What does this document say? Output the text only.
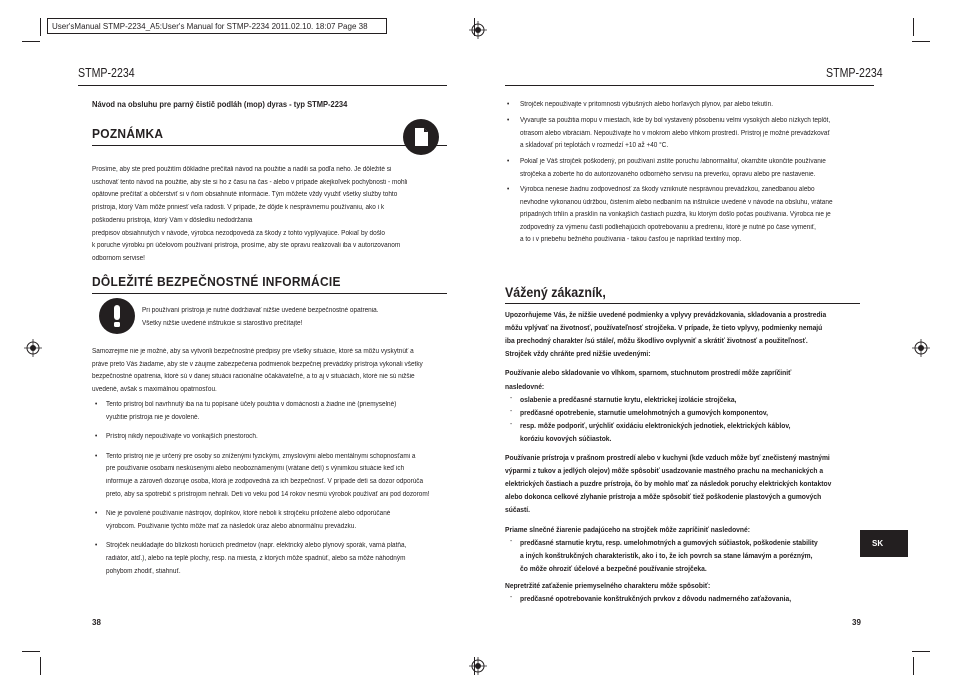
User'sManual STMP-2234_A5:User's Manual for STMP-2234 2011.02.10. 18:07 Page 38
STMP-2234
Návod na obsluhu pre parný čistič podláh (mop) dyras - typ STMP-2234
POZNÁMKA
Prosíme, aby ste pred použitím dôkladne prečítali návod na použitie a riadili sa podľa neho. Je dôležité si
uschovať tento návod na použitie, aby ste si ho z času na čas - alebo v prípade akejkoľvek pochybnosti - mohli
opätovne prečítať a občerstviť si v ňom obsiahnuté informácie. Tým môžete vždy využiť všetky služby tohto
prístroja, ktorý Vám môže priniesť veľa radosti. V prípade, že dôjde k nesprávnemu používaniu, ako i k
poškodeniu prístroja, ktorý Vám v dôsledku nedodržania
predpisov obsiahnutých v návode, výrobca nezodpovedá za škody z tohto vyplývajúce. Pokiaľ by došlo
k poruche výrobku pri účelovom používaní prístroja, prosíme, aby ste opravu realizovali iba v autorizovanom
odbornom servise!
DÔLEŽITÉ BEZPEČNOSTNÉ INFORMÁCIE
Pri používaní prístroja je nutné dodržiavať nižšie uvedené bezpečnostné opatrenia.
Všetky nižšie uvedené inštrukcie si starostlivo prečítajte!
Samozrejme nie je možné, aby sa vytvorili bezpečnostné predpisy pre všetky situácie, ktoré sa môžu vyskytnúť a
práve preto Vás žiadame, aby ste v záujme zabezpečenia podmienok bezpečnej prevádzky prístroja vykonali všetky
bezpečnostné opatrenia, ktoré sú v danej situácii racionálne očakávateľné, a to aj v situáciách, ktoré nie sú nižšie
uvedené, avšak s maximálnou opatrnosťou.
• Tento prístroj bol navrhnutý iba na tu popísané účely použitia v domácnosti a žiadne iné (priemyselné)
využitie prístroja nie je dovolené.
• Prístroj nikdy nepoužívajte vo vonkajších priestoroch.
• Tento prístroj nie je určený pre osoby so zníženými fyzickými, zmyslovými alebo mentálnymi schopnosťami a
pre používanie osobami neskúsenými alebo neoboznámenými (vrátane detí) s výnimkou situácie keď ich
informuje a zároveň dozoruje osoba, ktorá je zodpovedná za ich bezpečnosť. V prípade detí sa dozor odporúča
preto, aby sa spotrebič s prístrojom nehrali. Deti vo veku pod 14 rokov nesmú výrobok používať ani pod dozorom!
• Nie je povolené používanie nástrojov, doplnkov, ktoré neboli k strojčeku priložené alebo odporúčané
výrobcom. Používanie týchto môže mať za následok úraz alebo abnormálnu prevádzku.
• Strojček neukladajte do blízkosti horúcich predmetov (napr. elektrický alebo plynový sporák, varná platňa,
radiátor, atď.), alebo na teplé plochy, resp. na miesta, z ktorých môže spadnúť, alebo sa môže náhodným
pohybom zhodiť, stiahnuť.
38
STMP-2234
• Strojček nepoužívajte v prítomnosti výbušných alebo horľavých plynov, par alebo tekutín.
• Vyvarujte sa použitia mopu v miestach, kde by bol vystavený pôsobeniu velmi vysokých alebo nízkych teplôt,
otrasom alebo vibráciám. Nepoužívajte ho v mokrom alebo vlhkom prostredí. Prístroj je možné prevádzkovať
a skladovať pri teplotách v rozmedzí +10 až +40 °C.
• Pokiaľ je Váš strojček poškodený, pri používaní zistíte poruchu /abnormalitu/, okamžite ukončite používanie
strojčeka a zoberte ho do autorizovaného odborného servisu na preverku, opravu alebo pre nastavenie.
• Výrobca nenesie žiadnu zodpovednosť za škody vzniknuté nesprávnou prevádzkou, zanedbanou alebo
nevhodne vykonanou údržbou, čistením alebo nedbaním na inštrukcie uvedené v návode na obsluhu, vrátane
prípadných trhlín a prasklín na vonkajších častiach puzdra, ku ktorým došlo počas používania. Výrobca nie je
zodpovedný za výmenu častí podliehajúcich opotrebovaniu a predreniu, ktoré je nutné po čase vymeniť,
a to i v priebehu bežného používania - takou časťou je napríklad textilný mop.
Vážený zákazník,
Upozorňujeme Vás, že nižšie uvedené podmienky a vplyvy prevádzkovania, skladovania a prostredia
môžu vplývať na životnosť, používateľnosť strojčeka. V prípade, že tieto vplyvy, podmienky nemajú
iba prechodný charakter /sú stále/, môžu škodlivo ovplyvniť a skrátiť životnosť a použiteľnosť.
Strojček vždy chráňte pred nižšie uvedenými:
Používanie alebo skladovanie vo vlhkom, sparnom, stuchnutom prostredí môže zapríčiniť
nasledovné:
- oslabenie a predčasné starnutie krytu, elektrickej izolácie strojčeka,
- predčasné opotrebenie, starnutie umelohmotných a gumových komponentov,
- resp. môže podporiť, urýchliť oxidáciu elektronických jednotiek, elektrických káblov,
koróziu kovových súčiastok.
Používanie prístroja v prašnom prostredí alebo v kuchyni (kde vzduch môže byť znečistený mastnými
výparmi z tukov a jedlých olejov) môže spôsobiť usadzovanie mastného prachu na mechanických a
elektrických častiach a puzdre prístroja, čo by mohlo mať za následok poruchy elektrických kontaktov
alebo dokonca celkové zlyhanie prístroja a môže spôsobiť tiež poškodenie plastových a gumových
súčastí.
Priame slnečné žiarenie padajúceho na strojček môže zapríčiniť nasledovné:
- predčasné starnutie krytu, resp. umelohmotných a gumových súčiastok, poškodenie stability
a iných konštrukčných charakteristík, ako i to, že ich povrch sa stane lámavým a porézným,
čo môže ohroziť účelové a bezpečné používanie strojčeka.
Nepretržité zaťaženie priemyselného charakteru môže spôsobiť:
- predčasné opotrebovanie konštrukčných prvkov z dôvodu nadmerného zaťažovania,
SK
39
